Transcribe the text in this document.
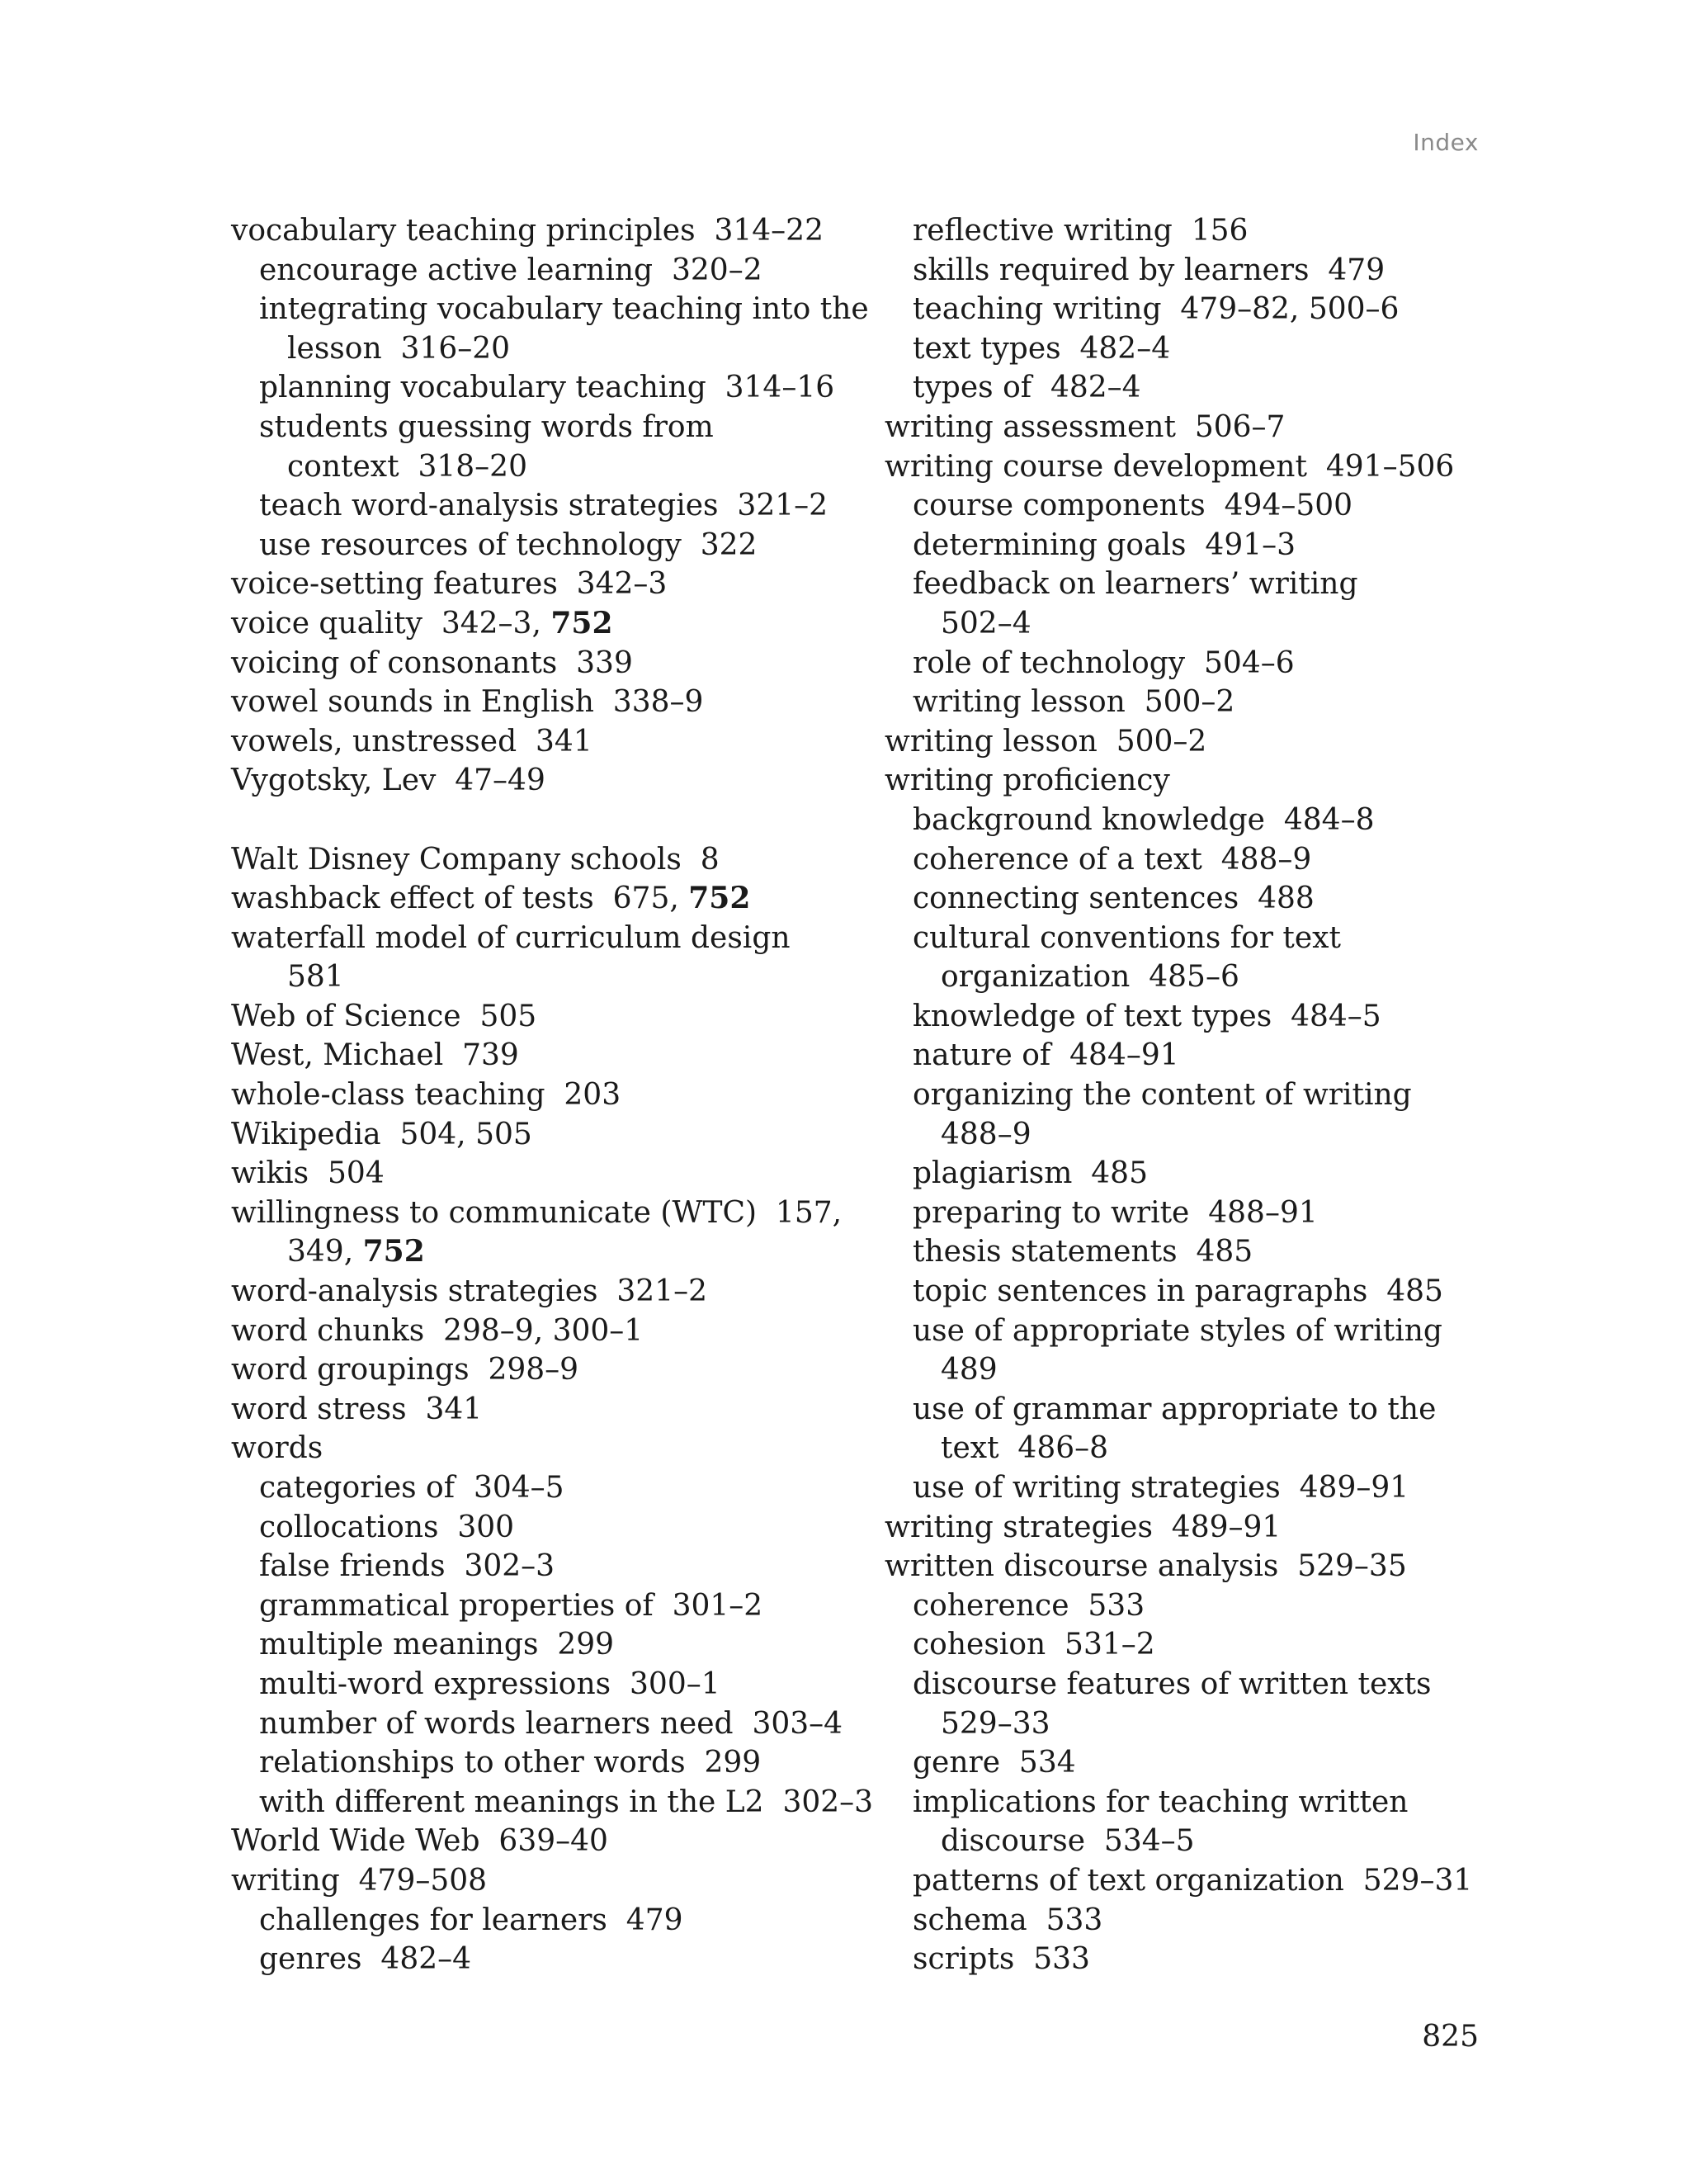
Index
vocabulary teaching principles  314–22
encourage active learning  320–2
integrating vocabulary teaching into the
lesson  316–20
planning vocabulary teaching  314–16
students guessing words from
context  318–20
teach word-analysis strategies  321–2
use resources of technology  322
voice-setting features  342–3
voice quality  342–3, 752
voicing of consonants  339
vowel sounds in English  338–9
vowels, unstressed  341
Vygotsky, Lev  47–49
Walt Disney Company schools  8
washback effect of tests  675, 752
waterfall model of curriculum design
581
Web of Science  505
West, Michael  739
whole-class teaching  203
Wikipedia  504, 505
wikis  504
willingness to communicate (WTC)  157,
349, 752
word-analysis strategies  321–2
word chunks  298–9, 300–1
word groupings  298–9
word stress  341
words
categories of  304–5
collocations  300
false friends  302–3
grammatical properties of  301–2
multiple meanings  299
multi-word expressions  300–1
number of words learners need  303–4
relationships to other words  299
with different meanings in the L2  302–3
World Wide Web  639–40
writing  479–508
challenges for learners  479
genres  482–4
reflective writing  156
skills required by learners  479
teaching writing  479–82, 500–6
text types  482–4
types of  482–4
writing assessment  506–7
writing course development  491–506
course components  494–500
determining goals  491–3
feedback on learners’ writing
502–4
role of technology  504–6
writing lesson  500–2
writing lesson  500–2
writing proficiency
background knowledge  484–8
coherence of a text  488–9
connecting sentences  488
cultural conventions for text
organization  485–6
knowledge of text types  484–5
nature of  484–91
organizing the content of writing
488–9
plagiarism  485
preparing to write  488–91
thesis statements  485
topic sentences in paragraphs  485
use of appropriate styles of writing
489
use of grammar appropriate to the
text  486–8
use of writing strategies  489–91
writing strategies  489–91
written discourse analysis  529–35
coherence  533
cohesion  531–2
discourse features of written texts
529–33
genre  534
implications for teaching written
discourse  534–5
patterns of text organization  529–31
schema  533
scripts  533
825
